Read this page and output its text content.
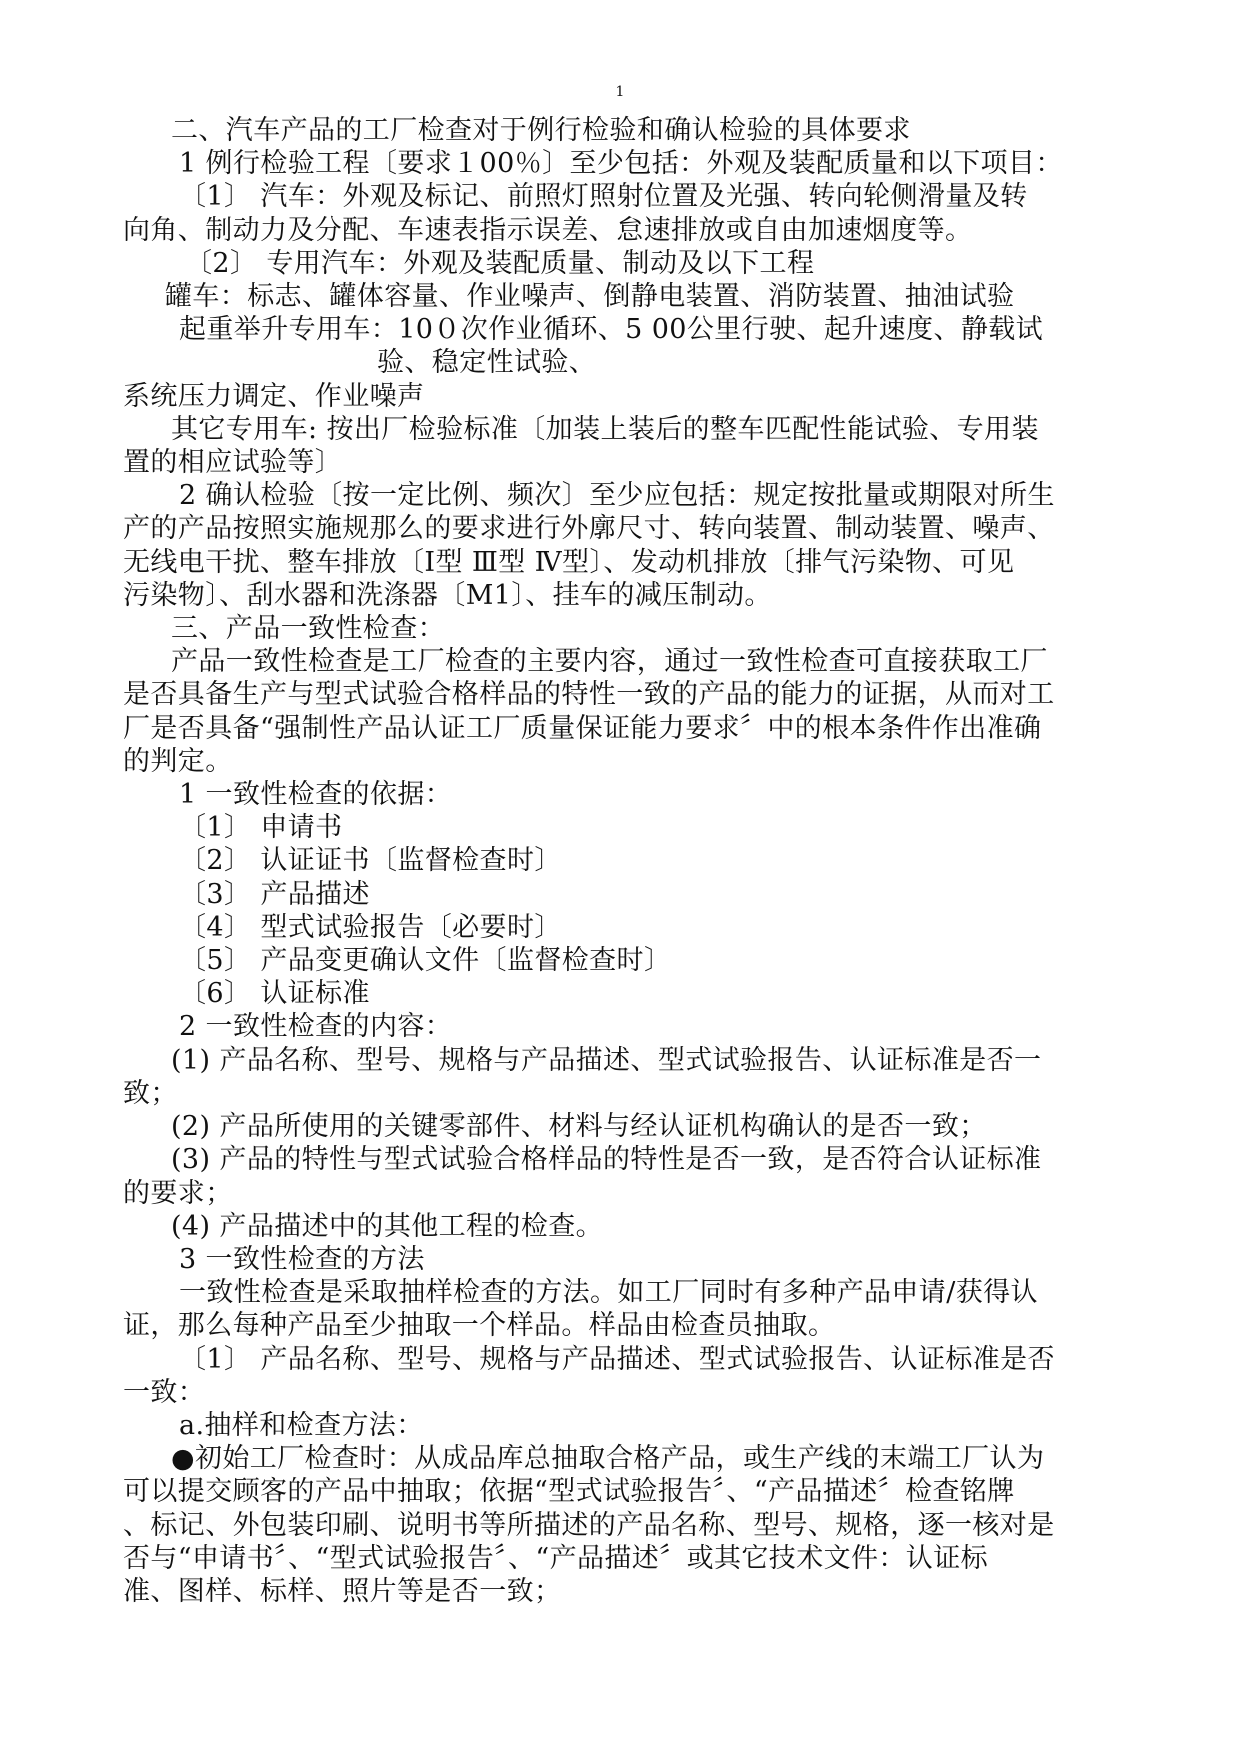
1

二、汽车产品的工厂检查对于例行检验和确认检验的具体要求

1 例行检验工程〔要求１00％〕至少包括：外观及装配质量和以下项目：

〔1〕 汽车：外观及标记、前照灯照射位置及光强、转向轮侧滑量及转

向角、制动力及分配、车速表指示误差、怠速排放或自由加速烟度等。

〔2〕 专用汽车：外观及装配质量、制动及以下工程

罐车：标志、罐体容量、作业噪声、倒静电装置、消防装置、抽油试验

起重举升专用车：10０次作业循环、5 00公里行驶、起升速度、静载试

验、稳定性试验、

系统压力调定、作业噪声

其它专用车: 按出厂检验标准〔加装上装后的整车匹配性能试验、专用装

置的相应试验等〕

2 确认检验〔按一定比例、频次〕至少应包括：规定按批量或期限对所生

产的产品按照实施规那么的要求进行外廓尺寸、转向装置、制动装置、噪声、

无线电干扰、整车排放〔Ⅰ型 Ⅲ型 Ⅳ型〕、发动机排放〔排气污染物、可见

污染物〕、刮水器和洗涤器〔M1〕、挂车的减压制动。

三、产品一致性检查：

产品一致性检查是工厂检查的主要内容，通过一致性检查可直接获取工厂

是否具备生产与型式试验合格样品的特性一致的产品的能力的证据，从而对工

厂是否具备“强制性产品认证工厂质量保证能力要求〞中的根本条件作出准确

的判定。

1 一致性检查的依据：

〔1〕 申请书

〔2〕 认证证书〔监督检查时〕

〔3〕 产品描述

〔4〕 型式试验报告〔必要时〕

〔5〕 产品变更确认文件〔监督检查时〕

〔6〕 认证标准

2 一致性检查的内容：

(1) 产品名称、型号、规格与产品描述、型式试验报告、认证标准是否一

致；

(2) 产品所使用的关键零部件、材料与经认证机构确认的是否一致；

(3) 产品的特性与型式试验合格样品的特性是否一致，是否符合认证标准

的要求；

(4) 产品描述中的其他工程的检查。

3 一致性检查的方法

一致性检查是采取抽样检查的方法。如工厂同时有多种产品申请/获得认

证，那么每种产品至少抽取一个样品。样品由检查员抽取。

〔1〕 产品名称、型号、规格与产品描述、型式试验报告、认证标准是否

一致：

a.抽样和检查方法：

●初始工厂检查时：从成品库总抽取合格产品，或生产线的末端工厂认为

可以提交顾客的产品中抽取；依据“型式试验报告〞、“产品描述〞检查铭牌

、标记、外包装印刷、说明书等所描述的产品名称、型号、规格，逐一核对是

否与“申请书〞、“型式试验报告〞、“产品描述〞或其它技术文件：认证标

准、图样、标样、照片等是否一致；
